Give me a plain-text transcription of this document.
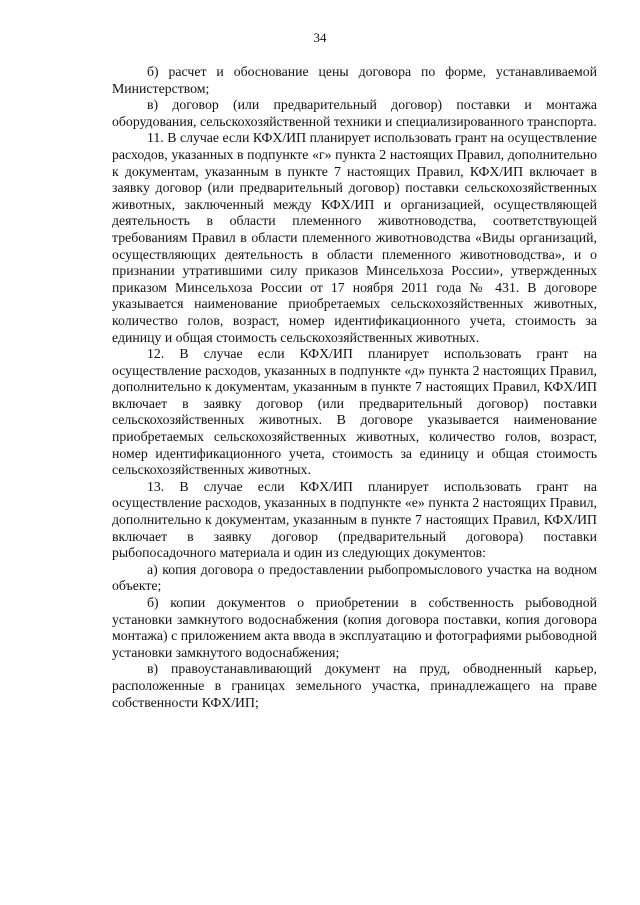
34

б) расчет и обоснование цены договора по форме, устанавливаемой Министерством;

в) договор (или предварительный договор) поставки и монтажа оборудования, сельскохозяйственной техники и специализированного транспорта.

11. В случае если КФХ/ИП планирует использовать грант на осуществление расходов, указанных в подпункте «г» пункта 2 настоящих Правил, дополнительно к документам, указанным в пункте 7 настоящих Правил, КФХ/ИП включает в заявку договор (или предварительный договор) поставки сельскохозяйственных животных, заключенный между КФХ/ИП и организацией, осуществляющей деятельность в области племенного животноводства, соответствующей требованиям Правил в области племенного животноводства «Виды организаций, осуществляющих деятельность в области племенного животноводства», и о признании утратившими силу приказов Минсельхоза России», утвержденных приказом Минсельхоза России от 17 ноября 2011 года № 431. В договоре указывается наименование приобретаемых сельскохозяйственных животных, количество голов, возраст, номер идентификационного учета, стоимость за единицу и общая стоимость сельскохозяйственных животных.

12. В случае если КФХ/ИП планирует использовать грант на осуществление расходов, указанных в подпункте «д» пункта 2 настоящих Правил, дополнительно к документам, указанным в пункте 7 настоящих Правил, КФХ/ИП включает в заявку договор (или предварительный договор) поставки сельскохозяйственных животных. В договоре указывается наименование приобретаемых сельскохозяйственных животных, количество голов, возраст, номер идентификационного учета, стоимость за единицу и общая стоимость сельскохозяйственных животных.

13. В случае если КФХ/ИП планирует использовать грант на осуществление расходов, указанных в подпункте «е» пункта 2 настоящих Правил, дополнительно к документам, указанным в пункте 7 настоящих Правил, КФХ/ИП включает в заявку договор (предварительный договора) поставки рыбопосадочного материала и один из следующих документов:

а) копия договора о предоставлении рыбопромыслового участка на водном объекте;

б) копии документов о приобретении в собственность рыбоводной установки замкнутого водоснабжения (копия договора поставки, копия договора монтажа) с приложением акта ввода в эксплуатацию и фотографиями рыбоводной установки замкнутого водоснабжения;

в) правоустанавливающий документ на пруд, обводненный карьер, расположенные в границах земельного участка, принадлежащего на праве собственности КФХ/ИП;
